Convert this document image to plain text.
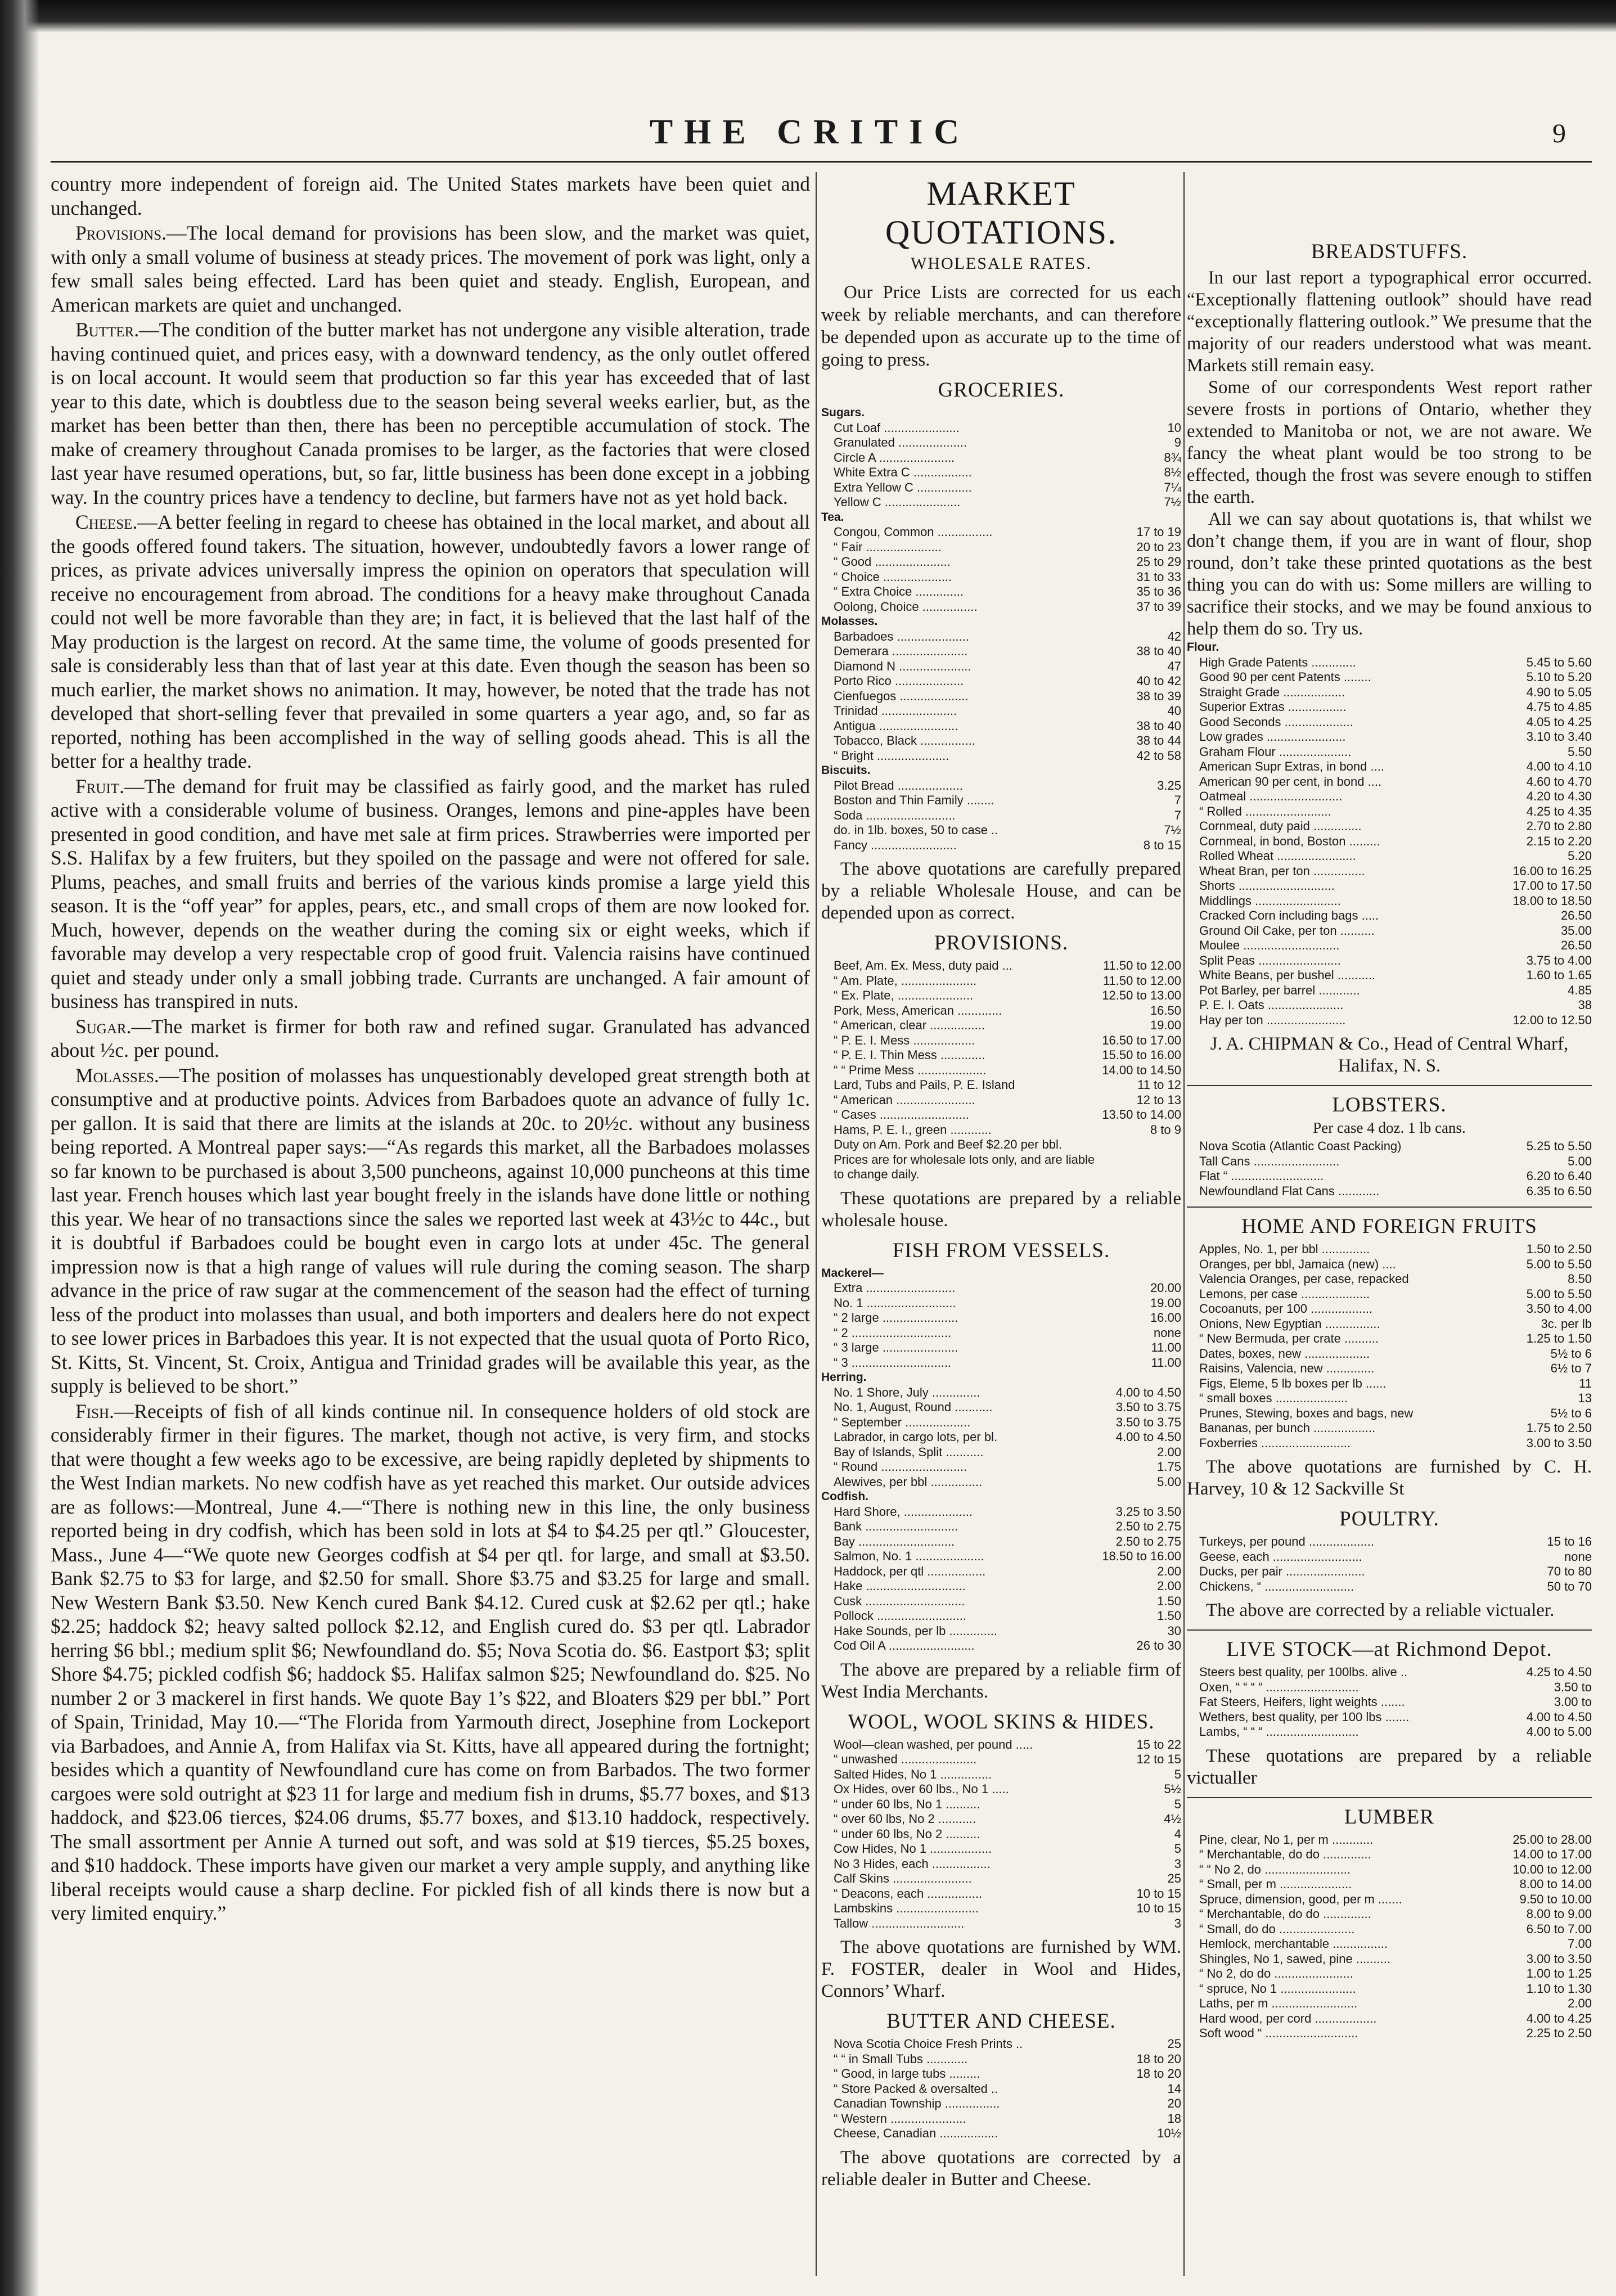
THE CRITIC	9

country more independent of foreign aid. The United States markets have been quiet and unchanged.

Provisions.—The local demand for provisions has been slow, and the market was quiet, with only a small volume of business at steady prices. The movement of pork was light, only a few small sales being effected. Lard has been quiet and steady. English, European, and American markets are quiet and unchanged.

Butter.—The condition of the butter market has not undergone any visible alteration, trade having continued quiet, and prices easy, with a downward tendency, as the only outlet offered is on local account. It would seem that production so far this year has exceeded that of last year to this date, which is doubtless due to the season being several weeks earlier, but, as the market has been better than then, there has been no perceptible accumulation of stock. The make of creamery throughout Canada promises to be larger, as the factories that were closed last year have resumed operations, but, so far, little business has been done except in a jobbing way. In the country prices have a tendency to decline, but farmers have not as yet hold back.

Cheese.—A better feeling in regard to cheese has obtained in the local market, and about all the goods offered found takers. The situation, however, undoubtedly favors a lower range of prices, as private advices universally impress the opinion on operators that speculation will receive no encouragement from abroad. The conditions for a heavy make throughout Canada could not well be more favorable than they are; in fact, it is believed that the last half of the May production is the largest on record. At the same time, the volume of goods presented for sale is considerably less than that of last year at this date. Even though the season has been so much earlier, the market shows no animation. It may, however, be noted that the trade has not developed that short-selling fever that prevailed in some quarters a year ago, and, so far as reported, nothing has been accomplished in the way of selling goods ahead. This is all the better for a healthy trade.

Fruit.—The demand for fruit may be classified as fairly good, and the market has ruled active with a considerable volume of business. Oranges, lemons and pine-apples have been presented in good condition, and have met sale at firm prices. Strawberries were imported per S.S. Halifax by a few fruiters, but they spoiled on the passage and were not offered for sale. Plums, peaches, and small fruits and berries of the various kinds promise a large yield this season. It is the “off year” for apples, pears, etc., and small crops of them are now looked for. Much, however, depends on the weather during the coming six or eight weeks, which if favorable may develop a very respectable crop of good fruit. Valencia raisins have continued quiet and steady under only a small jobbing trade. Currants are unchanged. A fair amount of business has transpired in nuts.

Sugar.—The market is firmer for both raw and refined sugar. Granulated has advanced about ½c. per pound.

Molasses.—The position of molasses has unquestionably developed great strength both at consumptive and at productive points. Advices from Barbadoes quote an advance of fully 1c. per gallon. It is said that there are limits at the islands at 20c. to 20½c. without any business being reported. A Montreal paper says:—“As regards this market, all the Barbadoes molasses so far known to be purchased is about 3,500 puncheons, against 10,000 puncheons at this time last year. French houses which last year bought freely in the islands have done little or nothing this year. We hear of no transactions since the sales we reported last week at 43½c to 44c., but it is doubtful if Barbadoes could be bought even in cargo lots at under 45c. The general impression now is that a high range of values will rule during the coming season. The sharp advance in the price of raw sugar at the commencement of the season had the effect of turning less of the product into molasses than usual, and both importers and dealers here do not expect to see lower prices in Barbadoes this year. It is not expected that the usual quota of Porto Rico, St. Kitts, St. Vincent, St. Croix, Antigua and Trinidad grades will be available this year, as the supply is believed to be short.”

Fish.—Receipts of fish of all kinds continue nil. In consequence holders of old stock are considerably firmer in their figures. The market, though not active, is very firm, and stocks that were thought a few weeks ago to be excessive, are being rapidly depleted by shipments to the West Indian markets. No new codfish have as yet reached this market. Our outside advices are as follows:—Montreal, June 4.—“There is nothing new in this line, the only business reported being in dry codfish, which has been sold in lots at $4 to $4.25 per qtl.” Gloucester, Mass., June 4—“We quote new Georges codfish at $4 per qtl. for large, and small at $3.50. Bank $2.75 to $3 for large, and $2.50 for small. Shore $3.75 and $3.25 for large and small. New Western Bank $3.50. New Kench cured Bank $4.12. Cured cusk at $2.62 per qtl.; hake $2.25; haddock $2; heavy salted pollock $2.12, and English cured do. $3 per qtl. Labrador herring $6 bbl.; medium split $6; Newfoundland do. $5; Nova Scotia do. $6. Eastport $3; split Shore $4.75; pickled codfish $6; haddock $5. Halifax salmon $25; Newfoundland do. $25. No number 2 or 3 mackerel in first hands. We quote Bay 1’s $22, and Bloaters $29 per bbl.” Port of Spain, Trinidad, May 10.—“The Florida from Yarmouth direct, Josephine from Lockeport via Barbadoes, and Annie A, from Halifax via St. Kitts, have all appeared during the fortnight; besides which a quantity of Newfoundland cure has come on from Barbados. The two former cargoes were sold outright at $23 11 for large and medium fish in drums, $5.77 boxes, and $13 haddock, and $23.06 tierces, $24.06 drums, $5.77 boxes, and $13.10 haddock, respectively. The small assortment per Annie A turned out soft, and was sold at $19 tierces, $5.25 boxes, and $10 haddock. These imports have given our market a very ample supply, and anything like liberal receipts would cause a sharp decline. For pickled fish of all kinds there is now but a very limited enquiry.”

MARKET QUOTATIONS.
WHOLESALE RATES.
Our Price Lists are corrected for us each week by reliable merchants, and can therefore be depended upon as accurate up to the time of going to press.
GROCERIES.
Sugars.
Cut Loaf ......................	10
Granulated ....................	9
Circle A ......................	8¾
White Extra C .................	8½
Extra Yellow C ................	7¼
Yellow C ......................	7½
Tea.
Congou, Common ................	17 to 19
“ Fair ......................	20 to 23
“ Good ......................	25 to 29
“ Choice ....................	31 to 33
“ Extra Choice ..............	35 to 36
Oolong, Choice ................	37 to 39
Molasses.
Barbadoes .....................	42
Demerara ......................	38 to 40
Diamond N .....................	47
Porto Rico ....................	40 to 42
Cienfuegos ....................	38 to 39
Trinidad ......................	40
Antigua .......................	38 to 40
Tobacco, Black ................	38 to 44
“ Bright .....................	42 to 58
Biscuits.
Pilot Bread ...................	3.25
Boston and Thin Family ........	7
Soda ..........................	7
do. in 1lb. boxes, 50 to case ..	7½
Fancy .........................	8 to 15
The above quotations are carefully prepared by a reliable Wholesale House, and can be depended upon as correct.
PROVISIONS.
Beef, Am. Ex. Mess, duty paid ...	11.50 to 12.00
“ Am. Plate, ......................	11.50 to 12.00
“ Ex. Plate, ......................	12.50 to 13.00
Pork, Mess, American .............	16.50
“ American, clear ................	19.00
“ P. E. I. Mess ..................	16.50 to 17.00
“ P. E. I. Thin Mess .............	15.50 to 16.00
“ “ Prime Mess ....................	14.00 to 14.50
Lard, Tubs and Pails, P. E. Island	11 to 12
“ American .......................	12 to 13
“ Cases ..........................	13.50 to 14.00
Hams, P. E. I., green ............	8 to 9
Duty on Am. Pork and Beef $2.20 per bbl.
Prices are for wholesale lots only, and are liable
to change daily.
These quotations are prepared by a reliable wholesale house.
FISH FROM VESSELS.
Mackerel—
Extra ..........................	20.00
No. 1 ..........................	19.00
“ 2 large ......................	16.00
“ 2 .............................	none
“ 3 large ......................	11.00
“ 3 .............................	11.00
Herring.
No. 1 Shore, July ..............	4.00 to 4.50
No. 1, August, Round ...........	3.50 to 3.75
“ September ...................	3.50 to 3.75
Labrador, in cargo lots, per bl.	4.00 to 4.50
Bay of Islands, Split ...........	2.00
“ Round .........................	1.75
Alewives, per bbl ...............	5.00
Codfish.
Hard Shore, ....................	3.25 to 3.50
Bank ...........................	2.50 to 2.75
Bay ............................	2.50 to 2.75
Salmon, No. 1 ....................	18.50 to 16.00
Haddock, per qtl .................	2.00
Hake .............................	2.00
Cusk .............................	1.50
Pollock ..........................	1.50
Hake Sounds, per lb ..............	30
Cod Oil A .........................	26 to 30
The above are prepared by a reliable firm of West India Merchants.
WOOL, WOOL SKINS & HIDES.
Wool—clean washed, per pound .....	15 to 22
“ unwashed ......................	12 to 15
Salted Hides, No 1 ...............	5
Ox Hides, over 60 lbs., No 1 .....	5½
“ under 60 lbs, No 1 ..........	5
“ over 60 lbs, No 2 ...........	4½
“ under 60 lbs, No 2 ..........	4
Cow Hides, No 1 ..................	5
No 3 Hides, each .................	3
Calf Skins .......................	25
“ Deacons, each ................	10 to 15
Lambskins ........................	10 to 15
Tallow ...........................	3
The above quotations are furnished by WM. F. FOSTER, dealer in Wool and Hides, Connors’ Wharf.
BUTTER AND CHEESE.
Nova Scotia Choice Fresh Prints ..	25
“ “ in Small Tubs ............	18 to 20
“ Good, in large tubs .........	18 to 20
“ Store Packed & oversalted ..	14
Canadian Township ................	20
“ Western ......................	18
Cheese, Canadian .................	10½
The above quotations are corrected by a reliable dealer in Butter and Cheese.
BREADSTUFFS.
In our last report a typographical error occurred. “Exceptionally flattening outlook” should have read “exceptionally flattering outlook.” We presume that the majority of our readers understood what was meant. Markets still remain easy.
Some of our correspondents West report rather severe frosts in portions of Ontario, whether they extended to Manitoba or not, we are not aware. We fancy the wheat plant would be too strong to be effected, though the frost was severe enough to stiffen the earth.
All we can say about quotations is, that whilst we don’t change them, if you are in want of flour, shop round, don’t take these printed quotations as the best thing you can do with us: Some millers are willing to sacrifice their stocks, and we may be found anxious to help them do so. Try us.
Flour.
High Grade Patents .............	5.45 to 5.60
Good 90 per cent Patents ........	5.10 to 5.20
Straight Grade ..................	4.90 to 5.05
Superior Extras .................	4.75 to 4.85
Good Seconds ....................	4.05 to 4.25
Low grades .......................	3.10 to 3.40
Graham Flour .....................	5.50
American Supr Extras, in bond ....	4.00 to 4.10
American 90 per cent, in bond ....	4.60 to 4.70
Oatmeal ...........................	4.20 to 4.30
“ Rolled .........................	4.25 to 4.35
Cornmeal, duty paid ..............	2.70 to 2.80
Cornmeal, in bond, Boston .........	2.15 to 2.20
Rolled Wheat .......................	5.20
Wheat Bran, per ton ...............	16.00 to 16.25
Shorts ............................	17.00 to 17.50
Middlings .........................	18.00 to 18.50
Cracked Corn including bags .....	26.50
Ground Oil Cake, per ton ..........	35.00
Moulee ............................	26.50
Split Peas ........................	3.75 to 4.00
White Beans, per bushel ...........	1.60 to 1.65
Pot Barley, per barrel ............	4.85
P. E. I. Oats ......................	38
Hay per ton .......................	12.00 to 12.50
J. A. CHIPMAN & Co., Head of Central Wharf, Halifax, N. S.
LOBSTERS.
Per case 4 doz. 1 lb cans.
Nova Scotia (Atlantic Coast Packing)	5.25 to 5.50
Tall Cans .........................	5.00
Flat “ ...........................	6.20 to 6.40
Newfoundland Flat Cans ............	6.35 to 6.50
HOME AND FOREIGN FRUITS
Apples, No. 1, per bbl ..............	1.50 to 2.50
Oranges, per bbl, Jamaica (new) ....	5.00 to 5.50
Valencia Oranges, per case, repacked	8.50
Lemons, per case ....................	5.00 to 5.50
Cocoanuts, per 100 ..................	3.50 to 4.00
Onions, New Egyptian ................	3c. per lb
“ New Bermuda, per crate ..........	1.25 to 1.50
Dates, boxes, new ...................	5½ to 6
Raisins, Valencia, new ..............	6½ to 7
Figs, Eleme, 5 lb boxes per lb ......	11
“ small boxes .....................	13
Prunes, Stewing, boxes and bags, new	5½ to 6
Bananas, per bunch ..................	1.75 to 2.50
Foxberries ..........................	3.00 to 3.50
The above quotations are furnished by C. H. Harvey, 10 & 12 Sackville St
POULTRY.
Turkeys, per pound ...................	15 to 16
Geese, each ..........................	none
Ducks, per pair .......................	70 to 80
Chickens, “ ..........................	50 to 70
The above are corrected by a reliable victualer.
LIVE STOCK—at Richmond Depot.
Steers best quality, per 100lbs. alive ..	4.25 to 4.50
Oxen, “ “ “ “ ...........................	3.50 to
Fat Steers, Heifers, light weights .......	3.00 to
Wethers, best quality, per 100 lbs .......	4.00 to 4.50
Lambs, “ “ “ ...........................	4.00 to 5.00
These quotations are prepared by a reliable victualler
LUMBER
Pine, clear, No 1, per m ............	25.00 to 28.00
“ Merchantable, do do ..............	14.00 to 17.00
“ “ No 2, do .........................	10.00 to 12.00
“ Small, per m .....................	8.00 to 14.00
Spruce, dimension, good, per m .......	9.50 to 10.00
“ Merchantable, do do ..............	8.00 to 9.00
“ Small, do do ......................	6.50 to 7.00
Hemlock, merchantable ................	7.00
Shingles, No 1, sawed, pine ..........	3.00 to 3.50
“ No 2, do do .......................	1.00 to 1.25
“ spruce, No 1 ......................	1.10 to 1.30
Laths, per m .........................	2.00
Hard wood, per cord ..................	4.00 to 4.25
Soft wood “ ...........................	2.25 to 2.50
